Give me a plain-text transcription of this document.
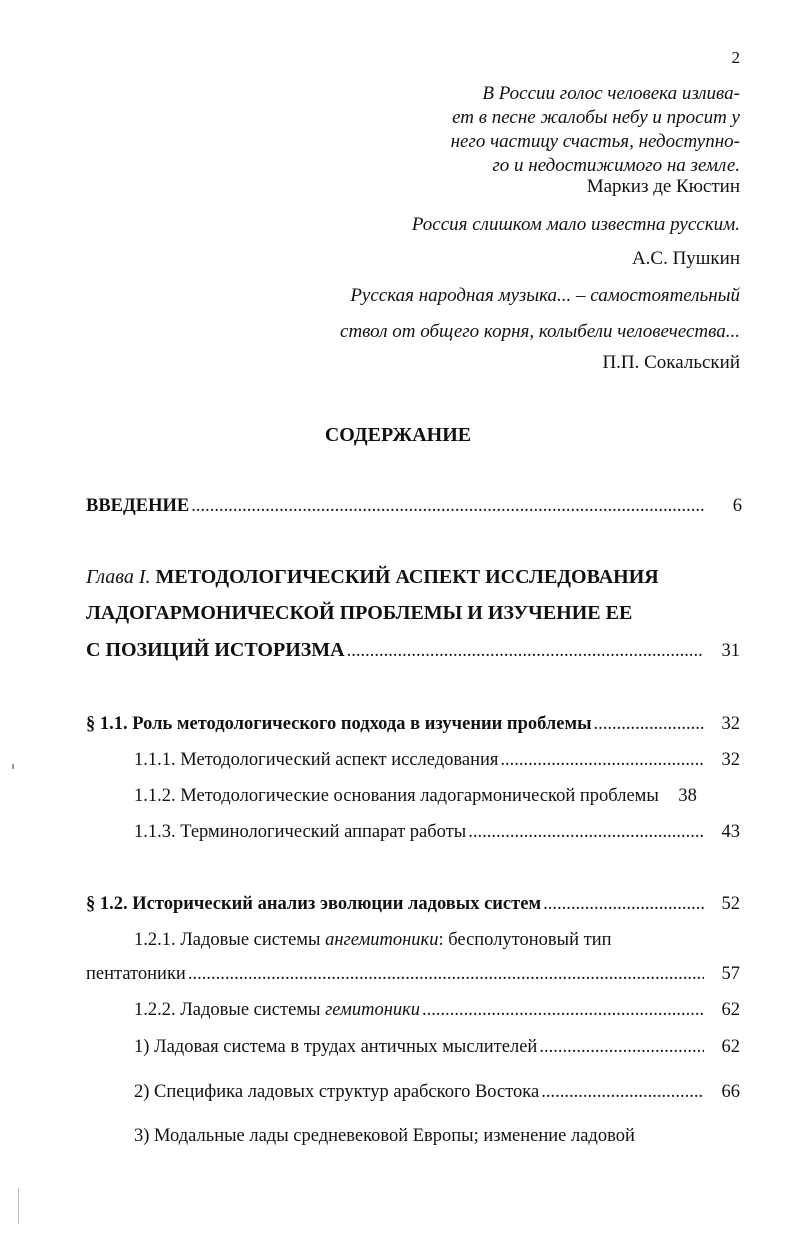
2
В России голос человека излива-
ет в песне жалобы небу и просит у
него частицу счастья, недоступно-
го и недостижимого на земле.
Маркиз де Кюстин
Россия слишком мало известна русским.
А.С. Пушкин
Русская народная музыка... – самостоятельный
ствол от общего корня, колыбели человечества...
П.П. Сокальский
СОДЕРЖАНИЕ
ВВЕДЕНИЕ .....	6
Глава I. МЕТОДОЛОГИЧЕСКИЙ АСПЕКТ ИССЛЕДОВАНИЯ
ЛАДОГАРМОНИЧЕСКОЙ ПРОБЛЕМЫ И ИЗУЧЕНИЕ ЕЕ
С ПОЗИЦИЙ ИСТОРИЗМА .....	31
§ 1.1. Роль методологического подхода в изучении проблемы .....	32
1.1.1. Методологический аспект исследования .....	32
1.1.2. Методологические основания ладогармонической проблемы	38
1.1.3. Терминологический аппарат работы .....	43
§ 1.2. Исторический анализ эволюции ладовых систем .....	52
1.2.1. Ладовые системы ангемитоники: бесполутоновый тип
пентатоники .....	57
1.2.2. Ладовые системы гемитоники .....	62
1) Ладовая система в трудах античных мыслителей .....	62
2) Специфика ладовых структур арабского Востока .....	66
3) Модальные лады средневековой Европы; изменение ладовой
